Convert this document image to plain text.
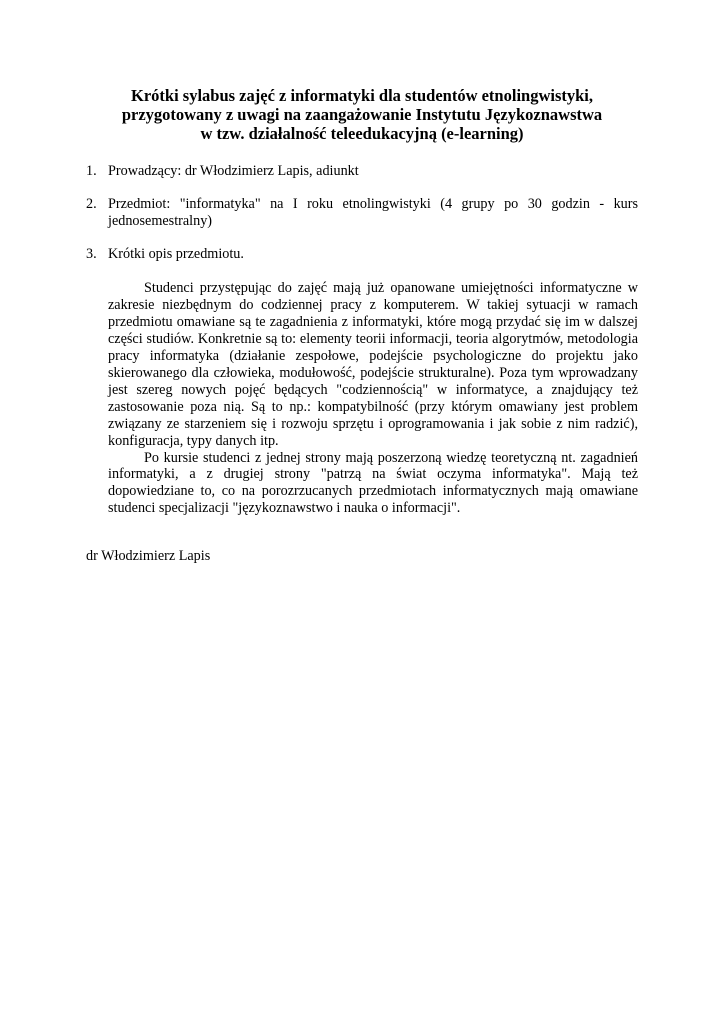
Krótki sylabus zajęć z informatyki dla studentów etnolingwistyki,
przygotowany z uwagi na zaangażowanie Instytutu Językoznawstwa
w tzw. działalność teleedukacyjną (e-learning)
1. Prowadzący: dr Włodzimierz Lapis, adiunkt
2. Przedmiot: "informatyka" na I roku etnolingwistyki (4 grupy po 30 godzin - kurs jednosemestralny)
3. Krótki opis przedmiotu.

Studenci przystępując do zajęć mają już opanowane umiejętności informatyczne w zakresie niezbędnym do codziennej pracy z komputerem. W takiej sytuacji w ramach przedmiotu omawiane są te zagadnienia z informatyki, które mogą przydać się im w dalszej części studiów. Konkretnie są to: elementy teorii informacji, teoria algorytmów, metodologia pracy informatyka (działanie zespołowe, podejście psychologiczne do projektu jako skierowanego dla człowieka, modułowość, podejście strukturalne). Poza tym wprowadzany jest szereg nowych pojęć będących "codziennością" w informatyce, a znajdujący też zastosowanie poza nią. Są to np.: kompatybilność (przy którym omawiany jest problem związany ze starzeniem się i rozwoju sprzętu i oprogramowania i jak sobie z nim radzić), konfiguracja, typy danych itp.

Po kursie studenci z jednej strony mają poszerzoną wiedzę teoretyczną nt. zagadnień informatyki, a z drugiej strony "patrzą na świat oczyma informatyka". Mają też dopowiedziane to, co na porozrzucanych przedmiotach informatycznych mają omawiane studenci specjalizacji "językoznawstwo i nauka o informacji".

dr Włodzimierz Lapis
